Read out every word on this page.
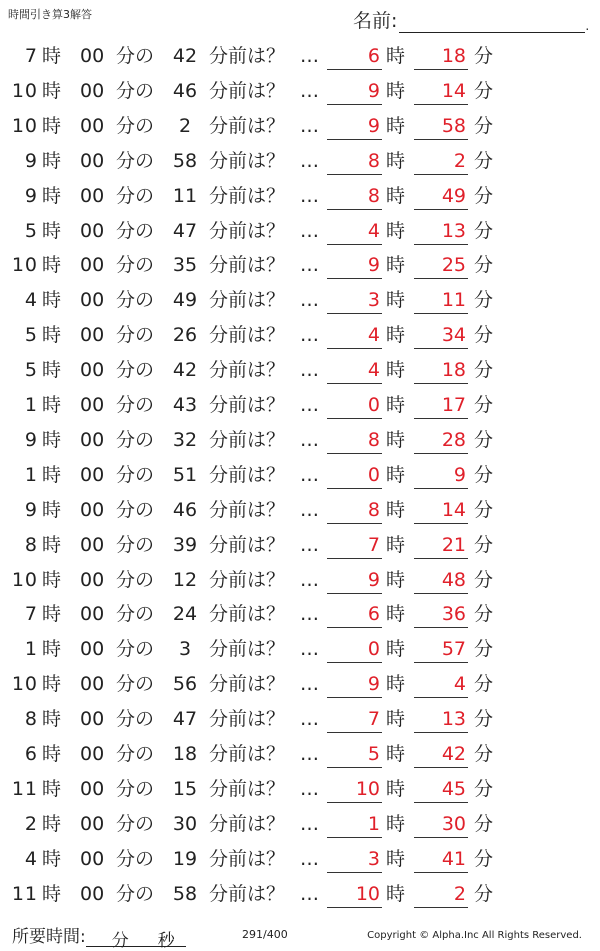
時間引き算3解答	名前:	.
7 時 00 分の 42 分前は？ …	6 時	18 分
10 時 00 分の 46 分前は？ …	9 時	14 分
10 時 00 分の	2 分前は？ …	9 時	58 分
9 時 00 分の 58 分前は？ …	8 時	2 分
9 時 00 分の 11 分前は？ …	8 時	49 分
5 時 00 分の 47 分前は？ …	4 時	13 分
10 時 00 分の 35 分前は？ …	9 時	25 分
4 時 00 分の 49 分前は？ …	3 時	11 分
5 時 00 分の 26 分前は？ …	4 時	34 分
5 時 00 分の 42 分前は？ …	4 時	18 分
1 時 00 分の 43 分前は？ …	0 時	17 分
9 時 00 分の 32 分前は？ …	8 時	28 分
1 時 00 分の 51 分前は？ …	0 時	9 分
9 時 00 分の 46 分前は？ …	8 時	14 分
8 時 00 分の 39 分前は？ …	7 時	21 分
10 時 00 分の 12 分前は？ …	9 時	48 分
7 時 00 分の 24 分前は？ …	6 時	36 分
1 時 00 分の	3 分前は？ …	0 時	57 分
10 時 00 分の 56 分前は？ …	9 時	4 分
8 時 00 分の 47 分前は？ …	7 時	13 分
6 時 00 分の 18 分前は？ …	5 時	42 分
11 時 00 分の 15 分前は？ …	10 時	45 分
2 時 00 分の 30 分前は？ …	1 時	30 分
4 時 00 分の 19 分前は？ …	3 時	41 分
11 時 00 分の 58 分前は？ …	10 時	2 分
所要時間: 分 秒	291/400	Copyright © Alpha.Inc All Rights Reserved.
